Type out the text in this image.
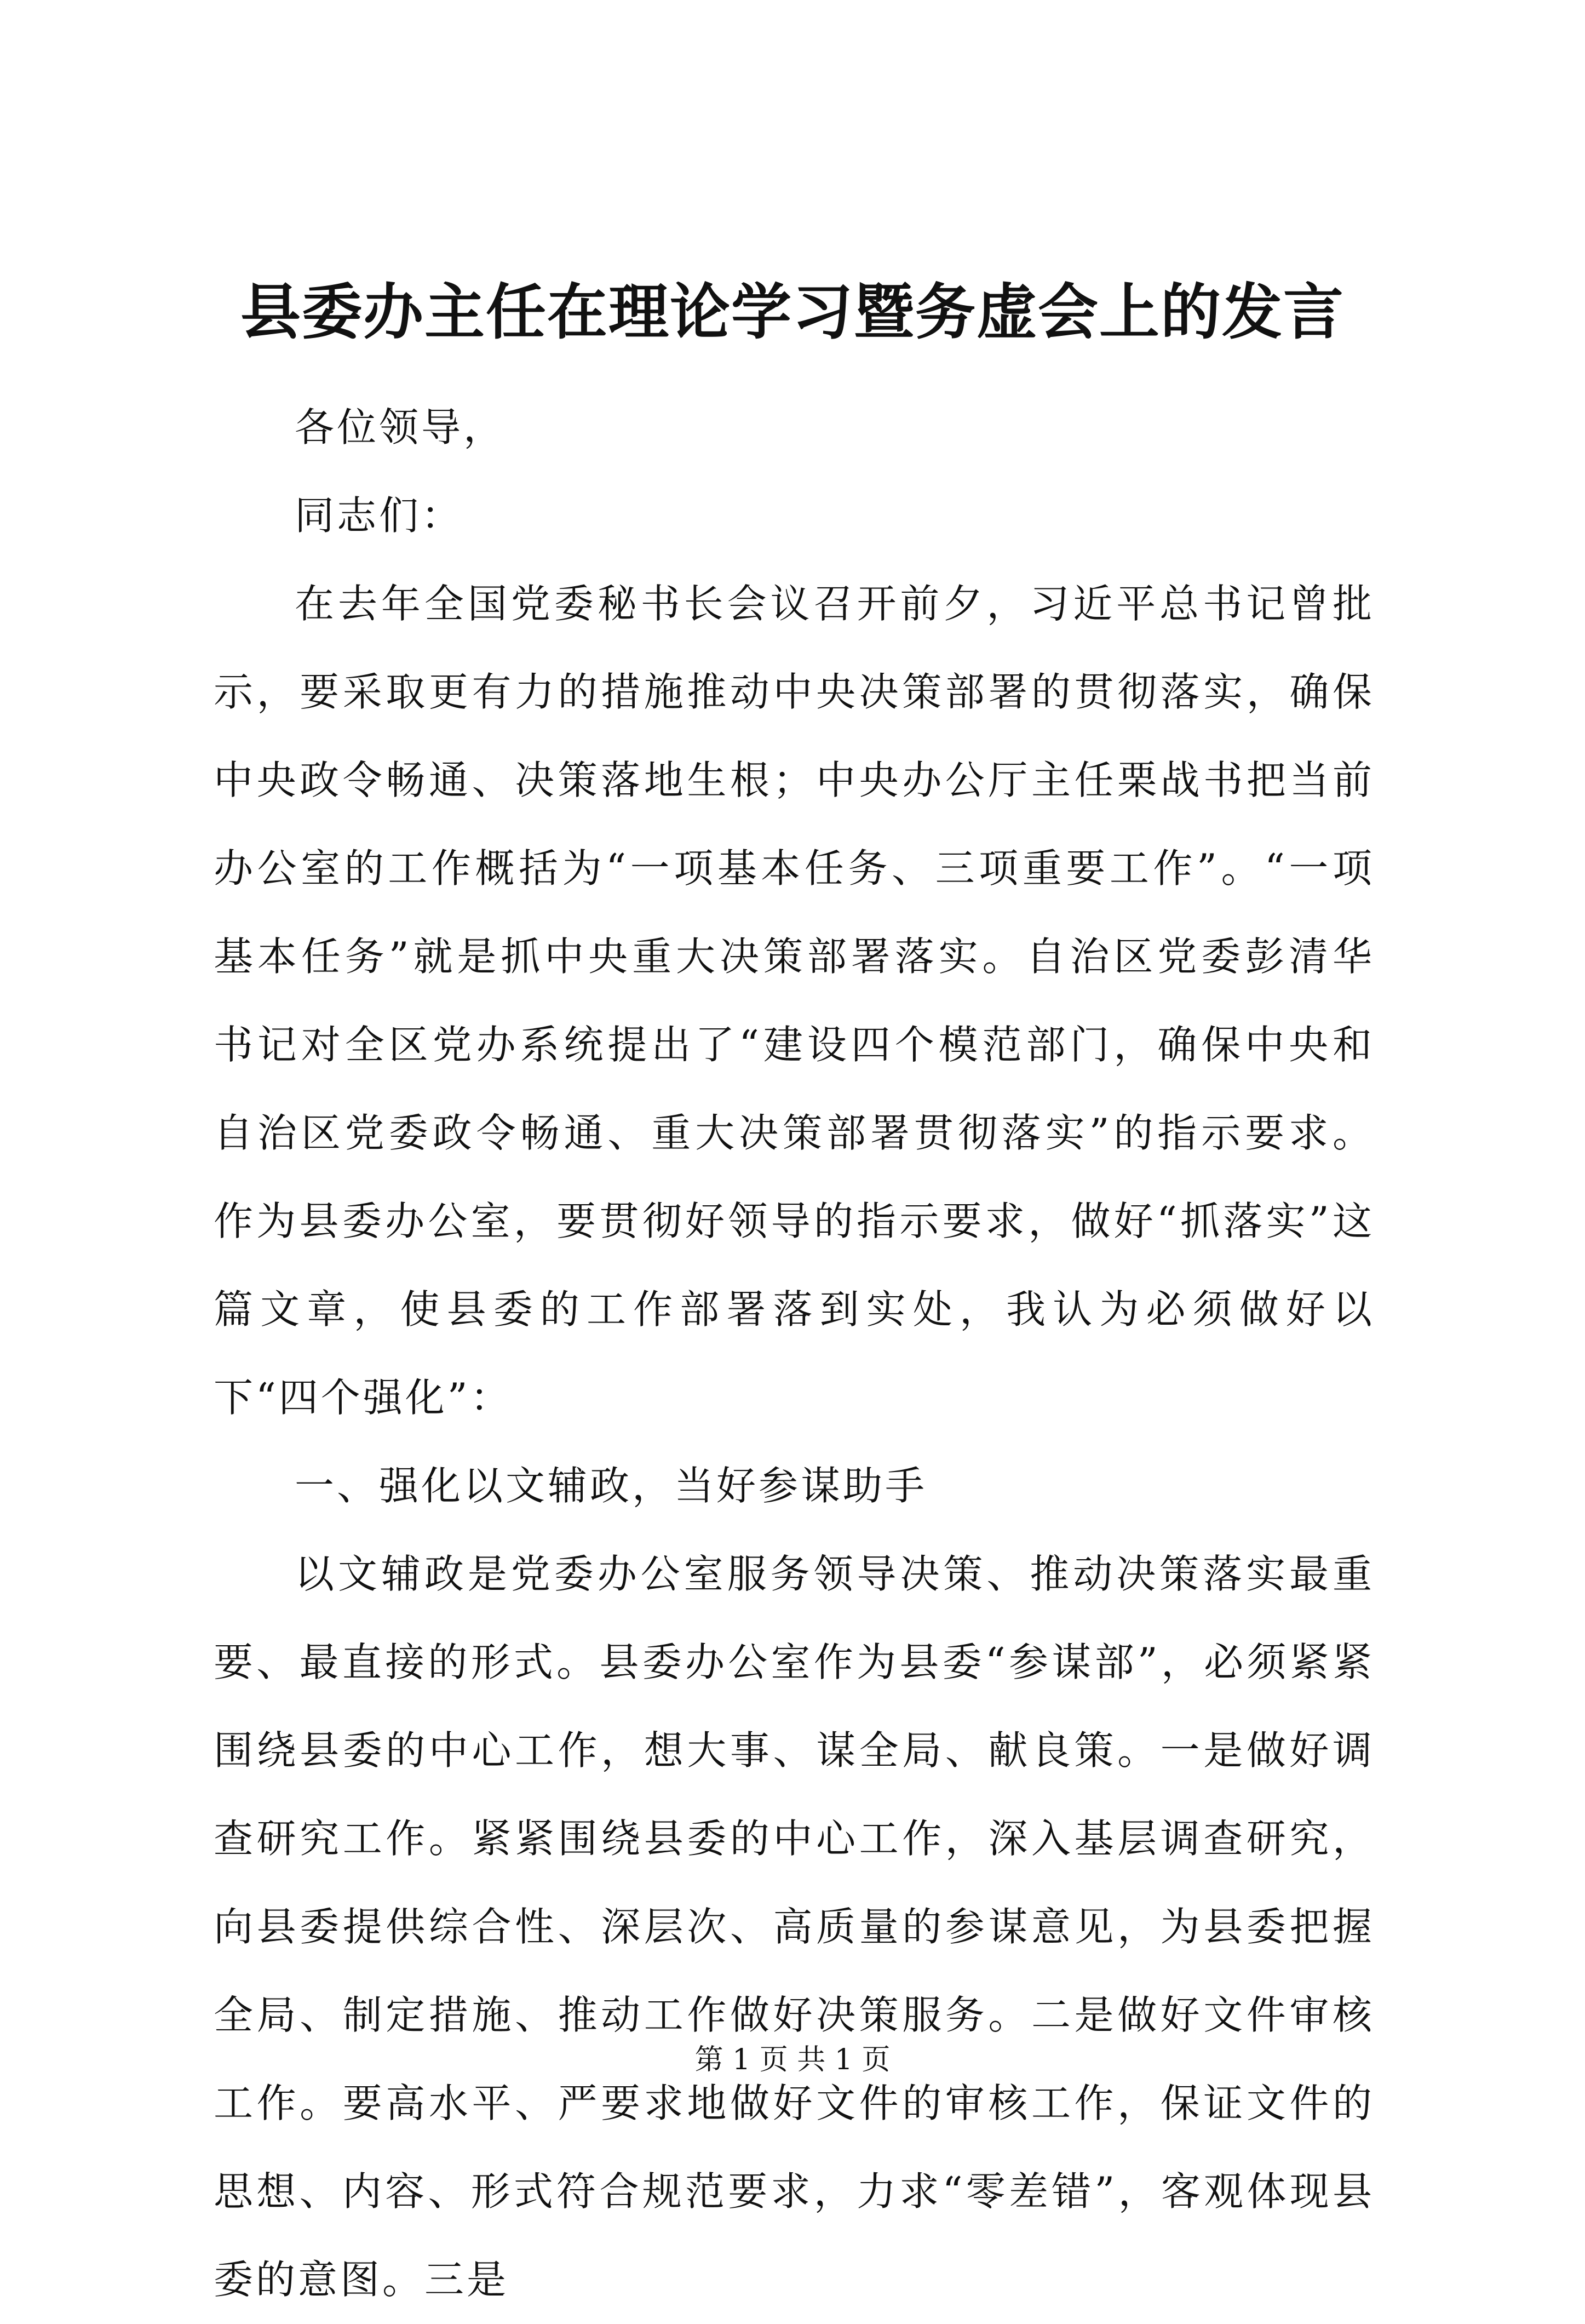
县委办主任在理论学习暨务虚会上的发言

各位领导，

同志们：

在去年全国党委秘书长会议召开前夕，习近平总书记曾批示，要采取更有力的措施推动中央决策部署的贯彻落实，确保中央政令畅通、决策落地生根；中央办公厅主任栗战书把当前办公室的工作概括为“一项基本任务、三项重要工作”。“一项基本任务”就是抓中央重大决策部署落实。自治区党委彭清华书记对全区党办系统提出了“建设四个模范部门，确保中央和自治区党委政令畅通、重大决策部署贯彻落实”的指示要求。作为县委办公室，要贯彻好领导的指示要求，做好“抓落实”这篇文章，使县委的工作部署落到实处，我认为必须做好以下“四个强化”：

一、强化以文辅政，当好参谋助手

以文辅政是党委办公室服务领导决策、推动决策落实最重要、最直接的形式。县委办公室作为县委“参谋部”，必须紧紧围绕县委的中心工作，想大事、谋全局、献良策。一是做好调查研究工作。紧紧围绕县委的中心工作，深入基层调查研究，向县委提供综合性、深层次、高质量的参谋意见，为县委把握全局、制定措施、推动工作做好决策服务。二是做好文件审核工作。要高水平、严要求地做好文件的审核工作，保证文件的思想、内容、形式符合规范要求，力求“零差错”，客观体现县委的意图。三是

第 1 页 共 1 页
